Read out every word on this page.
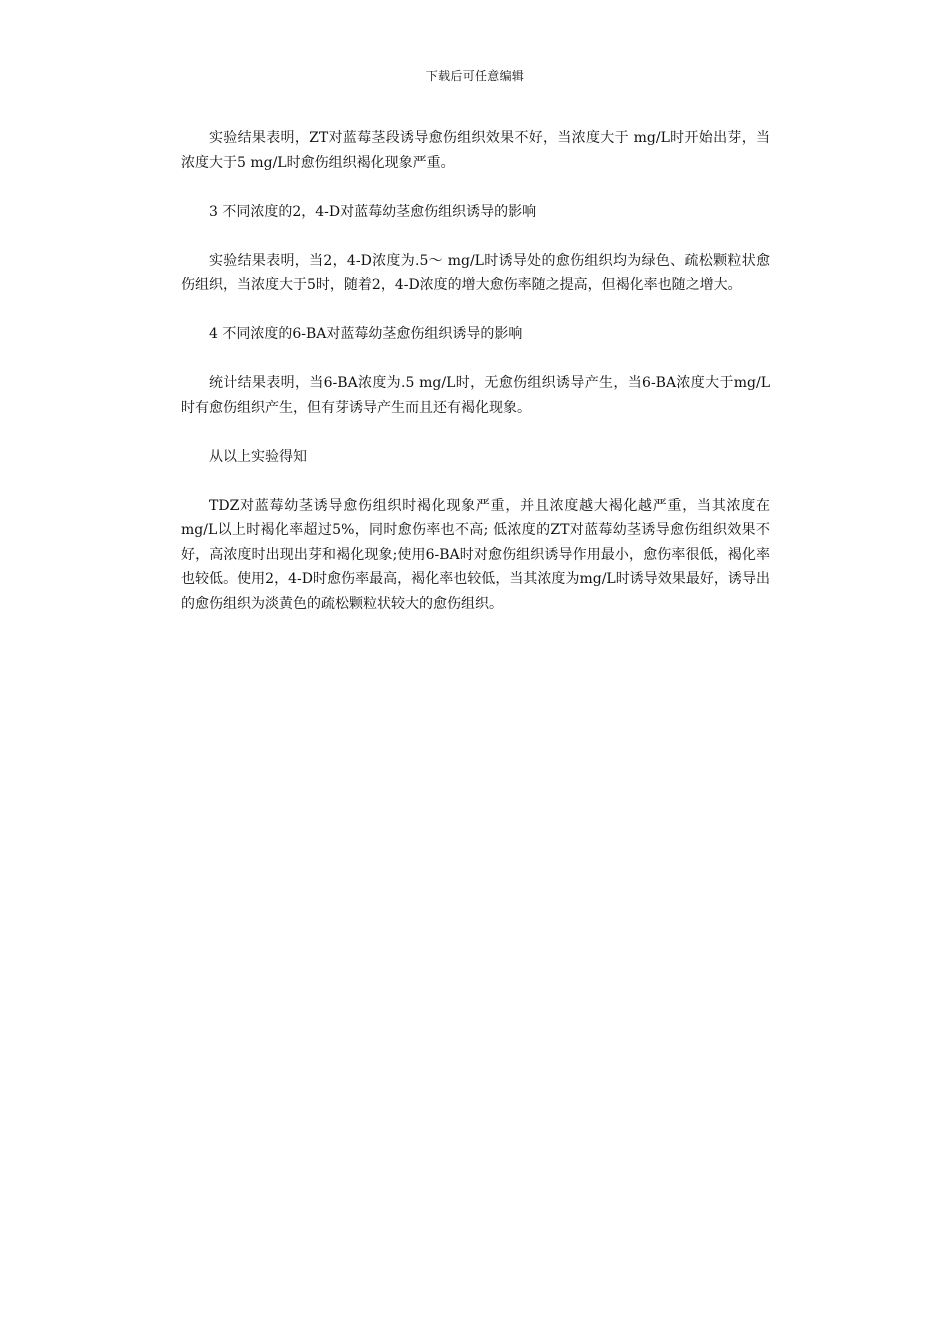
下载后可任意编辑

实验结果表明，ZT对蓝莓茎段诱导愈伤组织效果不好，当浓度大于 mg/L时开始出芽，当浓度大于5 mg/L时愈伤组织褐化现象严重。

3 不同浓度的2，4-D对蓝莓幼茎愈伤组织诱导的影响

实验结果表明，当2，4-D浓度为.5～ mg/L时诱导处的愈伤组织均为绿色、疏松颗粒状愈伤组织，当浓度大于5时，随着2，4-D浓度的增大愈伤率随之提高，但褐化率也随之增大。

4 不同浓度的6-BA对蓝莓幼茎愈伤组织诱导的影响

统计结果表明，当6-BA浓度为.5 mg/L时，无愈伤组织诱导产生，当6-BA浓度大于mg/L时有愈伤组织产生，但有芽诱导产生而且还有褐化现象。

从以上实验得知

TDZ对蓝莓幼茎诱导愈伤组织时褐化现象严重，并且浓度越大褐化越严重，当其浓度在mg/L以上时褐化率超过5%，同时愈伤率也不高; 低浓度的ZT对蓝莓幼茎诱导愈伤组织效果不好，高浓度时出现出芽和褐化现象;使用6-BA时对愈伤组织诱导作用最小，愈伤率很低，褐化率也较低。使用2，4-D时愈伤率最高，褐化率也较低，当其浓度为mg/L时诱导效果最好，诱导出的愈伤组织为淡黄色的疏松颗粒状较大的愈伤组织。
